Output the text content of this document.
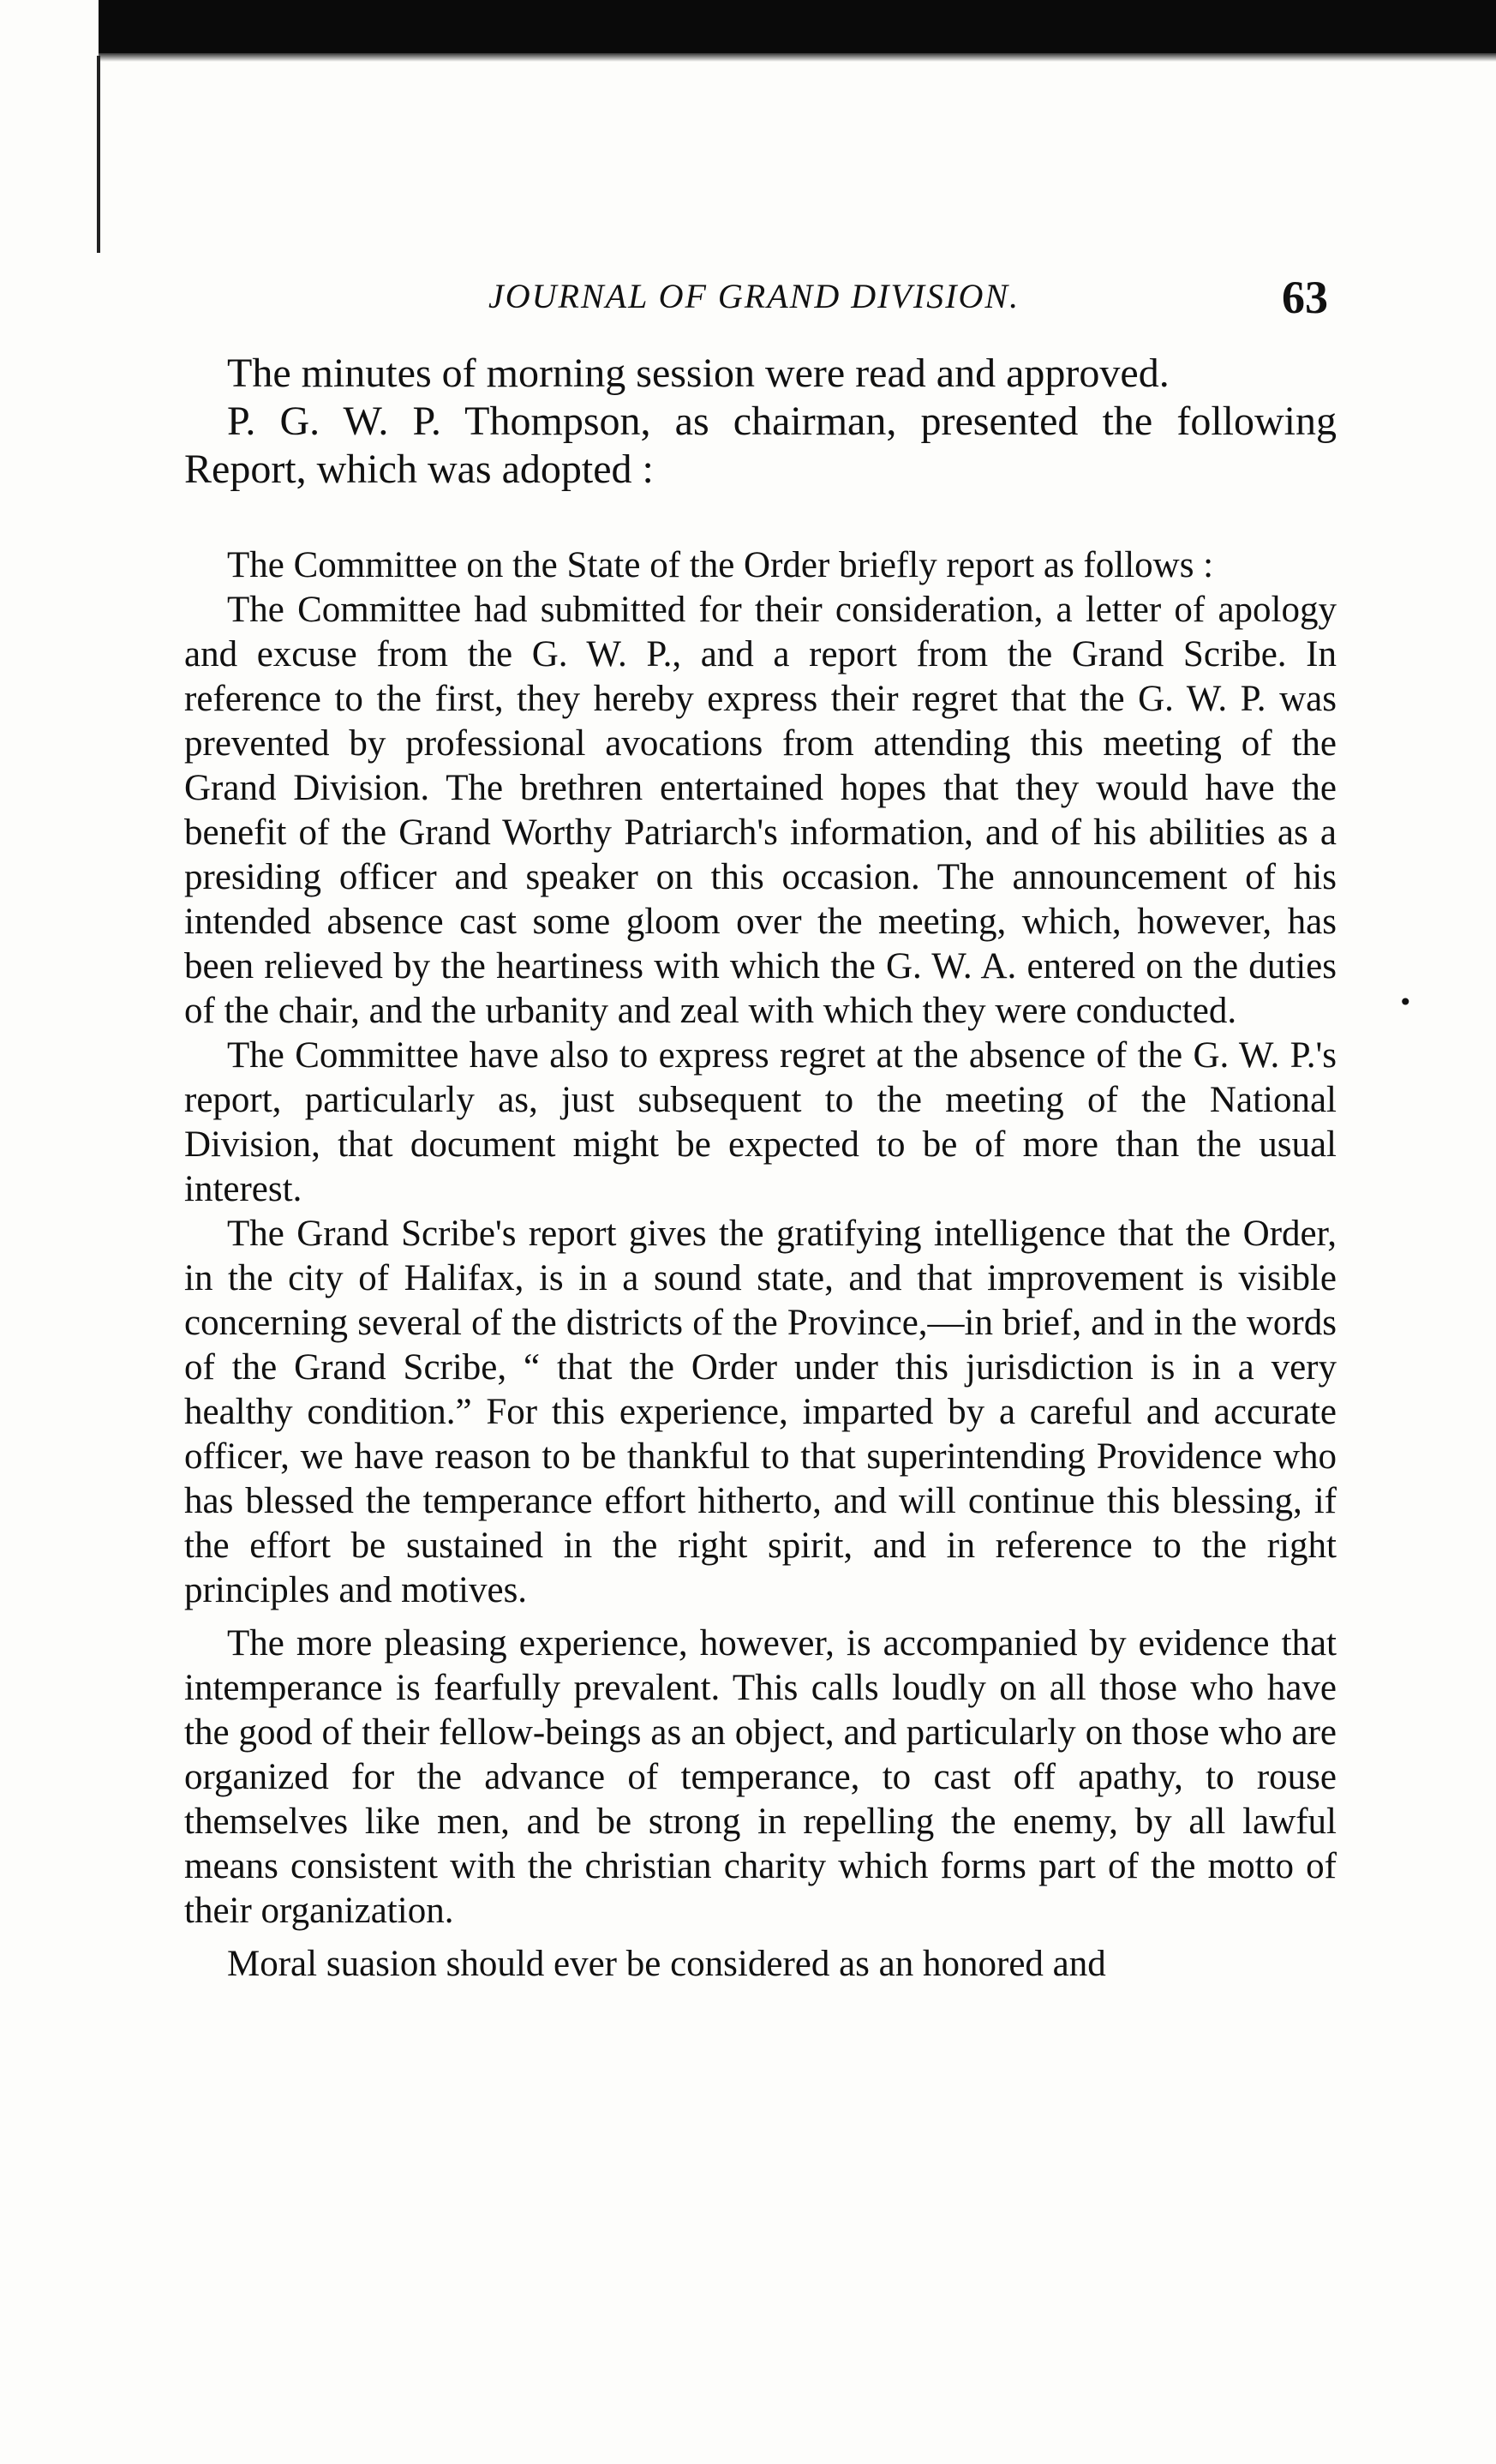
JOURNAL OF GRAND DIVISION.	63

The minutes of morning session were read and approved.

P. G. W. P. Thompson, as chairman, presented the following Report, which was adopted :

The Committee on the State of the Order briefly report as follows :

The Committee had submitted for their consideration, a letter of apology and excuse from the G. W. P., and a report from the Grand Scribe. In reference to the first, they hereby express their regret that the G. W. P. was prevented by professional avocations from attending this meeting of the Grand Division. The brethren entertained hopes that they would have the benefit of the Grand Worthy Patriarch's information, and of his abilities as a presiding officer and speaker on this occasion. The announcement of his intended absence cast some gloom over the meeting, which, however, has been relieved by the heartiness with which the G. W. A. entered on the duties of the chair, and the urbanity and zeal with which they were conducted.

The Committee have also to express regret at the absence of the G. W. P.'s report, particularly as, just subsequent to the meeting of the National Division, that document might be expected to be of more than the usual interest.

The Grand Scribe's report gives the gratifying intelligence that the Order, in the city of Halifax, is in a sound state, and that improvement is visible concerning several of the districts of the Province,—in brief, and in the words of the Grand Scribe, “ that the Order under this jurisdiction is in a very healthy condition.” For this experience, imparted by a careful and accurate officer, we have reason to be thankful to that superintending Providence who has blessed the temperance effort hitherto, and will continue this blessing, if the effort be sustained in the right spirit, and in reference to the right principles and motives.

The more pleasing experience, however, is accompanied by evidence that intemperance is fearfully prevalent. This calls loudly on all those who have the good of their fellow-beings as an object, and particularly on those who are organized for the advance of temperance, to cast off apathy, to rouse themselves like men, and be strong in repelling the enemy, by all lawful means consistent with the christian charity which forms part of the motto of their organization.

Moral suasion should ever be considered as an honored and

•
